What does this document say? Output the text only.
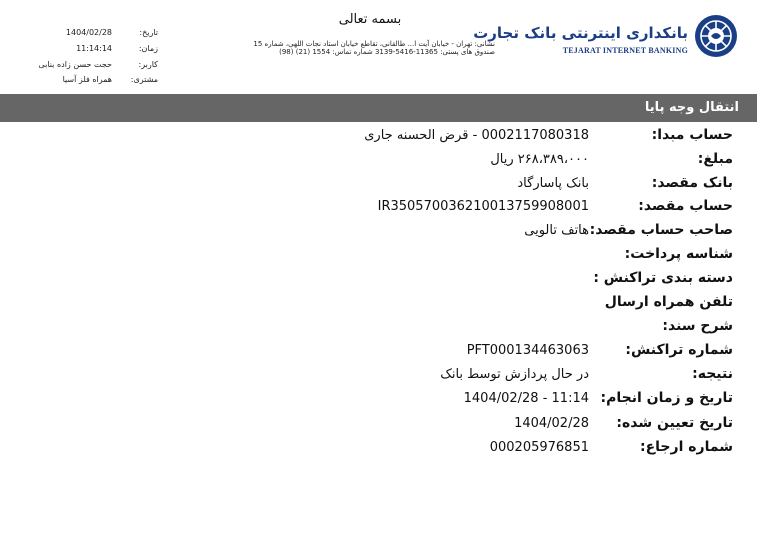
بسمه تعالی
نشانی: تهران - خیابان آیت ا... طالقانی، تقاطع خیابان استاد نجات اللهی، شماره 15
صندوق های پستی: 11365-5416-3139 شماره تماس: 1554 (21) (98)
تاریخ:
1404/02/28
زمان:
11:14:14
کاربر:
حجت حسن زاده بنابی
مشتری:
همراه فلز آسیا
بانکداری اینترنتی بانک تجارت
TEJARAT INTERNET BANKING
انتقال وجه پایا
حساب مبدا:
0002117080318 - قرض الحسنه جاری
مبلغ:
۲۶۸،۳۸۹،۰۰۰ ریال
بانک مقصد:
بانک پاسارگاد
حساب مقصد:
IR350570036210013759908001
صاحب حساب مقصد:
هاتف تالویی
شناسه پرداخت:
دسته بندی تراکنش :
تلفن همراه ارسال
شرح سند:
شماره تراکنش:
PFT000134463063
نتیجه:
در حال پردازش توسط بانک
تاریخ و زمان انجام:
1404/02/28 - 11:14
تاریخ تعیین شده:
1404/02/28
شماره ارجاع:
000205976851
